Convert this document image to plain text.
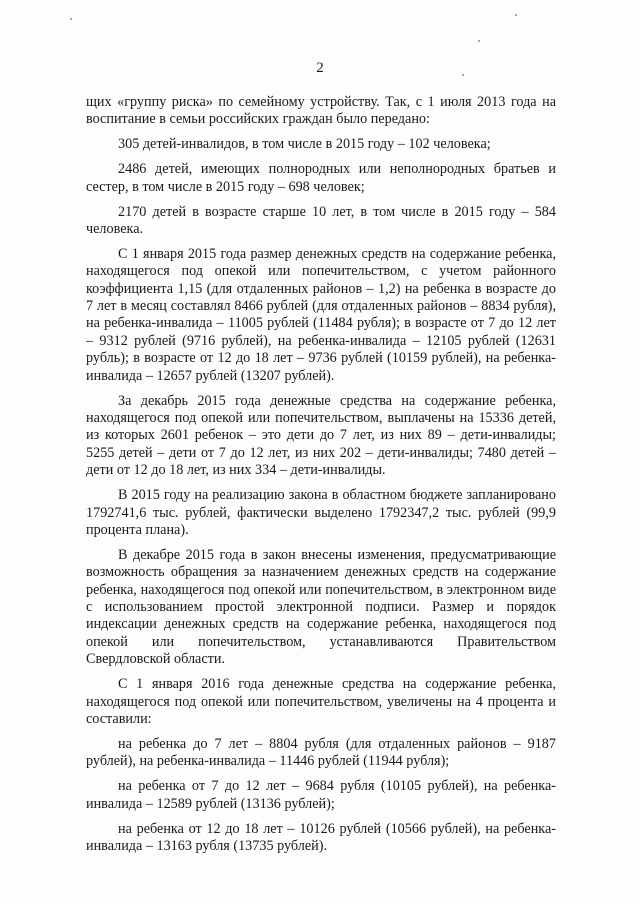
2

щих «группу риска» по семейному устройству. Так, с 1 июля 2013 года на воспитание в семьи российских граждан было передано:

305 детей-инвалидов, в том числе в 2015 году – 102 человека;

2486 детей, имеющих полнородных или неполнородных братьев и сестер, в том числе в 2015 году – 698 человек;

2170 детей в возрасте старше 10 лет, в том числе в 2015 году – 584 человека.

С 1 января 2015 года размер денежных средств на содержание ребенка, находящегося под опекой или попечительством, с учетом районного коэффициента 1,15 (для отдаленных районов – 1,2) на ребенка в возрасте до 7 лет в месяц составлял 8466 рублей (для отдаленных районов – 8834 рубля), на ребенка-инвалида – 11005 рублей (11484 рубля); в возрасте от 7 до 12 лет – 9312 рублей (9716 рублей), на ребенка-инвалида – 12105 рублей (12631 рубль); в возрасте от 12 до 18 лет – 9736 рублей (10159 рублей), на ребенка-инвалида – 12657 рублей (13207 рублей).

За декабрь 2015 года денежные средства на содержание ребенка, находящегося под опекой или попечительством, выплачены на 15336 детей, из которых 2601 ребенок – это дети до 7 лет, из них 89 – дети-инвалиды; 5255 детей – дети от 7 до 12 лет, из них 202 – дети-инвалиды; 7480 детей – дети от 12 до 18 лет, из них 334 – дети-инвалиды.

В 2015 году на реализацию закона в областном бюджете запланировано 1792741,6 тыс. рублей, фактически выделено 1792347,2 тыс. рублей (99,9 процента плана).

В декабре 2015 года в закон внесены изменения, предусматривающие возможность обращения за назначением денежных средств на содержание ребенка, находящегося под опекой или попечительством, в электронном виде с использованием простой электронной подписи. Размер и порядок индексации денежных средств на содержание ребенка, находящегося под опекой или попечительством, устанавливаются Правительством Свердловской области.

С 1 января 2016 года денежные средства на содержание ребенка, находящегося под опекой или попечительством, увеличены на 4 процента и составили:

на ребенка до 7 лет – 8804 рубля (для отдаленных районов – 9187 рублей), на ребенка-инвалида – 11446 рублей (11944 рубля);

на ребенка от 7 до 12 лет – 9684 рубля (10105 рублей), на ребенка-инвалида – 12589 рублей (13136 рублей);

на ребенка от 12 до 18 лет – 10126 рублей (10566 рублей), на ребенка-инвалида – 13163 рубля (13735 рублей).
